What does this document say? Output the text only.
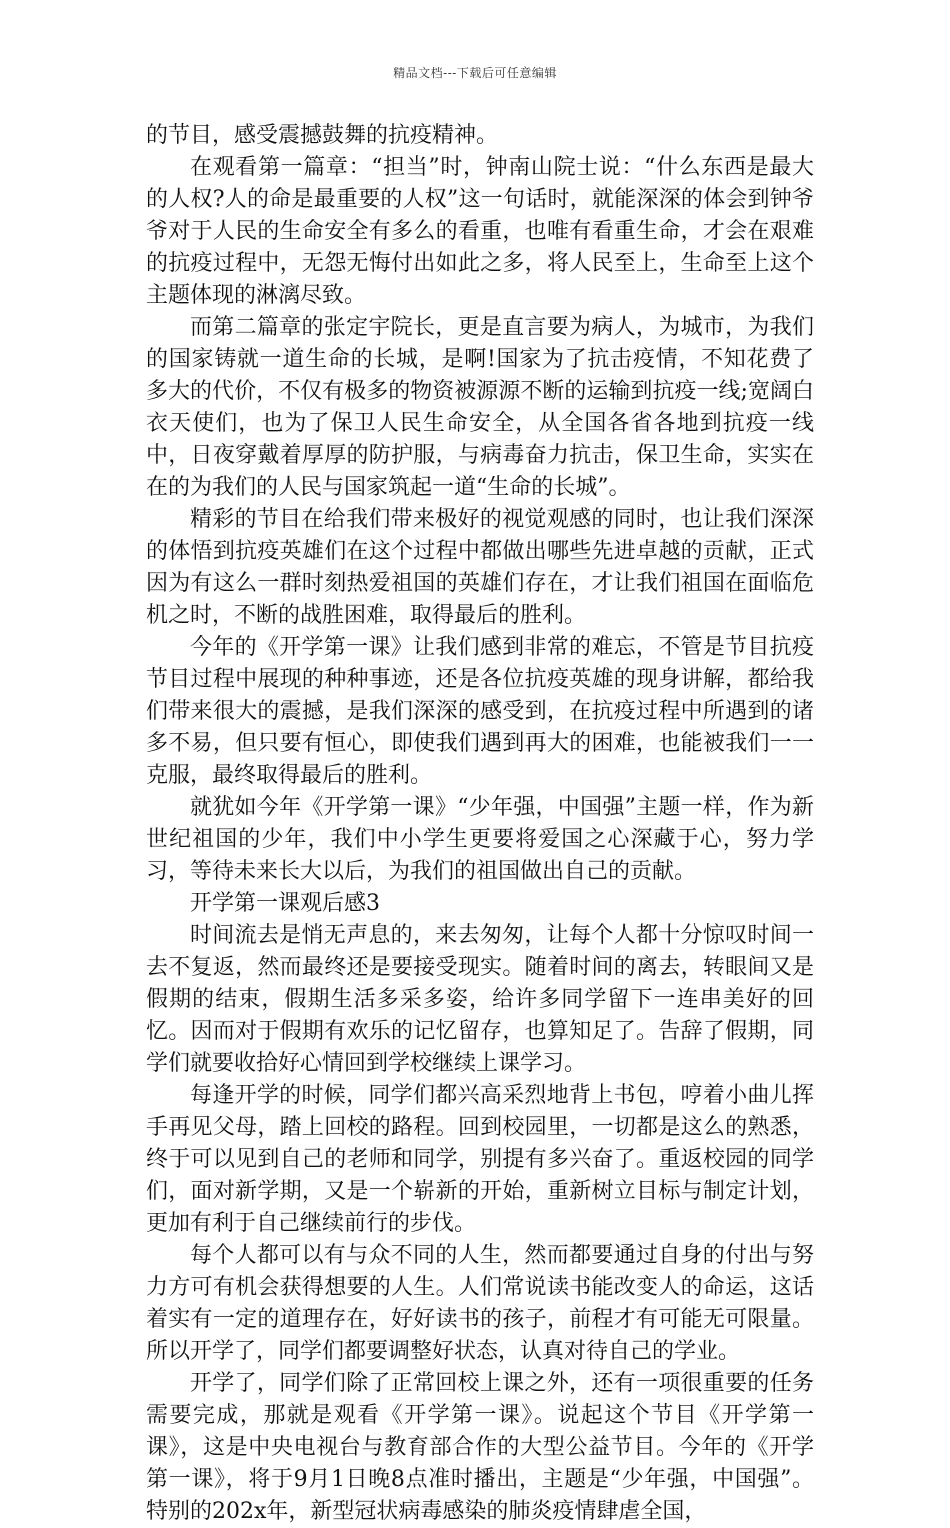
精品文档---下载后可任意编辑

的节目，感受震撼鼓舞的抗疫精神。

在观看第一篇章：“担当”时，钟南山院士说：“什么东西是最大的人权?人的命是最重要的人权”这一句话时，就能深深的体会到钟爷爷对于人民的生命安全有多么的看重，也唯有看重生命，才会在艰难的抗疫过程中，无怨无悔付出如此之多，将人民至上，生命至上这个主题体现的淋漓尽致。

而第二篇章的张定宇院长，更是直言要为病人，为城市，为我们的国家铸就一道生命的长城，是啊!国家为了抗击疫情，不知花费了多大的代价，不仅有极多的物资被源源不断的运输到抗疫一线;宽阔白衣天使们，也为了保卫人民生命安全，从全国各省各地到抗疫一线中，日夜穿戴着厚厚的防护服，与病毒奋力抗击，保卫生命，实实在在的为我们的人民与国家筑起一道“生命的长城”。

精彩的节目在给我们带来极好的视觉观感的同时，也让我们深深的体悟到抗疫英雄们在这个过程中都做出哪些先进卓越的贡献，正式因为有这么一群时刻热爱祖国的英雄们存在，才让我们祖国在面临危机之时，不断的战胜困难，取得最后的胜利。

今年的《开学第一课》让我们感到非常的难忘，不管是节目抗疫节目过程中展现的种种事迹，还是各位抗疫英雄的现身讲解，都给我们带来很大的震撼，是我们深深的感受到，在抗疫过程中所遇到的诸多不易，但只要有恒心，即使我们遇到再大的困难，也能被我们一一克服，最终取得最后的胜利。

就犹如今年《开学第一课》“少年强，中国强”主题一样，作为新世纪祖国的少年，我们中小学生更要将爱国之心深藏于心，努力学习，等待未来长大以后，为我们的祖国做出自己的贡献。

开学第一课观后感3

时间流去是悄无声息的，来去匆匆，让每个人都十分惊叹时间一去不复返，然而最终还是要接受现实。随着时间的离去，转眼间又是假期的结束，假期生活多采多姿，给许多同学留下一连串美好的回忆。因而对于假期有欢乐的记忆留存，也算知足了。告辞了假期，同学们就要收拾好心情回到学校继续上课学习。

每逢开学的时候，同学们都兴高采烈地背上书包，哼着小曲儿挥手再见父母，踏上回校的路程。回到校园里，一切都是这么的熟悉，终于可以见到自己的老师和同学，别提有多兴奋了。重返校园的同学们，面对新学期，又是一个崭新的开始，重新树立目标与制定计划，更加有利于自己继续前行的步伐。

每个人都可以有与众不同的人生，然而都要通过自身的付出与努力方可有机会获得想要的人生。人们常说读书能改变人的命运，这话着实有一定的道理存在，好好读书的孩子，前程才有可能无可限量。所以开学了，同学们都要调整好状态，认真对待自己的学业。

开学了，同学们除了正常回校上课之外，还有一项很重要的任务需要完成，那就是观看《开学第一课》。说起这个节目《开学第一课》，这是中央电视台与教育部合作的大型公益节目。今年的《开学第一课》，将于9月1日晚8点准时播出，主题是“少年强，中国强”。特别的202x年，新型冠状病毒感染的肺炎疫情肆虐全国，
